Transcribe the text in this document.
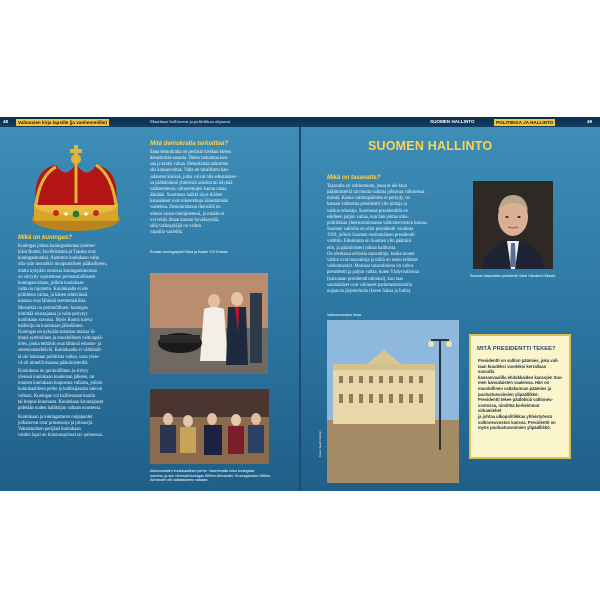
48	Valtaosien kirja lapsille (ja vanhemmillle)	Maailmaa hallitsevat ja politiikkaa ohjaavat	SUOMEN HALLINTO	POLITIIKKA JA HALLINTO	49

Mikä on kuningas?

Kuningas johtaa kuningaskuntaa (esimer-
kiksi Ruotsi, Iso-Britannia ja Tanska ovat
kuningaskuntia). Aiemmin kuninkaan valta
olla vain monarkin muuputullisen pääkalliseen,
mutta nykyään monissa kuningaskunnissa
on siirrytty rajoitettuun perustuslailliseen
kuningasvaltaan, jolloin kuninkaan
valta on rajoitettu. Kuninkaalla ei ole
poliittista valtaa, ja hänen tehtävänsä
maassa ovat lähinnä seremoniallisia.
Monarkia on perinnöllinen: kuningas
nimittää seuraajansa ja valta periytyy
kuninkaan suvussa. Myös Ruotsi tuleva
hallitsija on kuninkaan jälkeläinen.

Kuningas on nykyään monissa maissa lä-
hinnä symbolinen ja muodollinen valtionpää-
mies, jonka tehtävät ovat lähinnä edustus- ja
seremoniatehtäviä. Kuninkaalla ei välttämät-
tä ole lainkaan poliittista valtaa, vaan yleis-
vä oli nimellä maassa pääministeriltä.

Kuninkuus on perinnöllinen ja siirtyy
yleensä kuninkaan kuoleman jälkeen, tai
muuten kuninkaan luopuessa vallasta, jolloin
kuninkaallinen perhe ja hallitsijasuku tulevat
valtaan. Kuningas voi hallitessaan kuolla
tai luopua kruunusta. Kuninkaan kruunajaiset
pidetään uuden hallitsijan valtaan noustessa.

Kuninkaan ja kuningattaren nuijapuolet
julkaisevat ovat prinsessoja ja prinssejä.
Valtaistuimen perijänä kuninkaan
vanhin lapsi on kruununprinssi tai -prinsessa.

Mitä demokratia tarkoittaa?

Sana demokratia on peräisin kreikan kielen
demokratia-sanasta. Demo tarkoittaa kan-
saa ja kratia valtaa. Demokratia tarkoittaa
siis kansanvaltaa. Valta on tavallisten kan-
salaisten käsissä, jotka voivat olla edustamise-
sa päättämässä yhteisistä asioista tai käyttää
valitsemiensa valtuutettujen kautta omaa
ääntään. Suomessa kaikki täysi-ikäiset
kansalaiset ovat oikeutettuja äänestämään
vaaleissa. Demokratiassa ihmisillä on
oikeus sanoa mielipiteensä, ja mitään ei
voi tehdä ilman kansan hyväksyntää,
sillä vallanpitäjät on valittu
vapailla vaaleilla.

Ruotsin kuningaspari Silvia ja Kaarle XVI Kustaa.

Alankomaiden kuninkaallinen perhe. Vasemmalla istuu kuningatar
maxima, ja sen vieressä kuningas Willem-Alexander. Kruunajaisissa Willem-
Alexander otti valtaistuimen vastaan.

SUOMEN HALLINTO

Mikä on tasavalta?

Tasavalta on valtiomuoto, jossa ei ole kuin
pääministeriä tai muuta valtiota johtavaa valitsemaa
miestä. Koska valtionpäämies ei periydy, on
kansan valitsema presidentti ylin johtaja ja
valtion edustaja. Suomessa presidentillä on
edelleen paljon valtaa, kun hän johtaa ulko-
politiikkaa yhteistoiminnassa valtioneuvoston kanssa.
Suomen valtiolla on ollut presidentti vuodesta
1919, jolloin Suomen ensimmäinen presidentti
valittiin. Eduskunta on Suomen ylin päättävä
elin, ja pääministeri johtaa hallitusta.

On olemassa erilaisia tasavaltoja, koska monet
valtiot ovat tasavaltoja ja niillä on usein erilaiset
valtiomuodot. Monissa tasavalloissa on vahva
presidentti ja paljon valtaa, kuten Yhdysvalloissa
(kutsutaan presidenttivaltioksi), kun taas
suomalaiset ovat valinneet parlamentarismiin
nojaavan järjestelmän (kuten Saksa ja Italia).

Suomen tasavallan presidentti Sauli Väinämö Niinistö.

Valtioneuvoston linna.

Kuva: Sauli Ahonen

MITÄ PRESIDENTTI TEKEE?

Presidentti on valtion päämies, joka vali-
taan kuudeksi vuodeksi kerrallaan suoralla
kansanvaalilla ehdokkaiden kansojen Suo-
men kansalaisten vaaleissa. Hän on
muodollinen valtakunnan päämies ja
puolustusvoimien ylipäällikkö.
Presidentti tekee päätöksiä valtioneu-
vostossa, nimittää korkeimmat virkamiehet
ja johtaa ulkopolitiikkaa yhteistyössä
valtioneuvoston kanssa. Presidentti on
myös puolustusvoimien ylipäällikkö.
